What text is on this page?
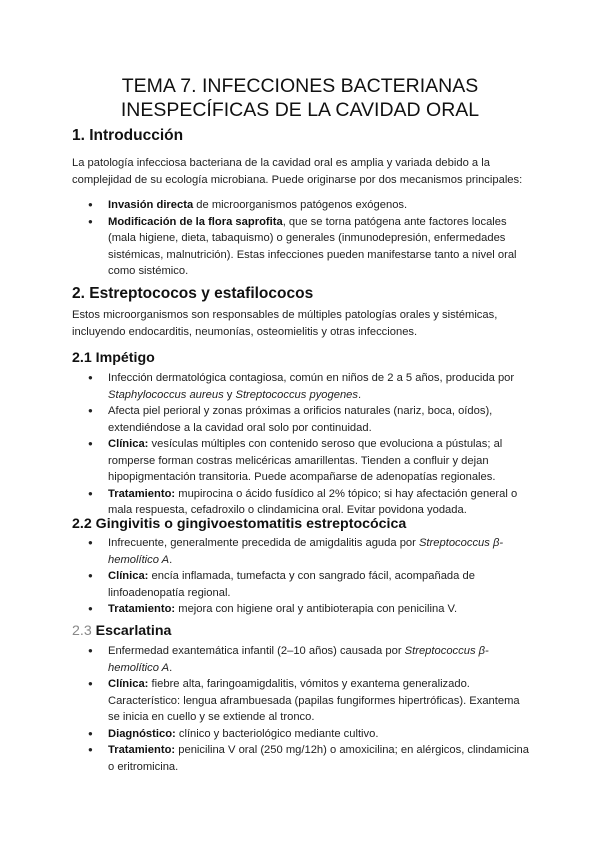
TEMA 7. INFECCIONES BACTERIANAS
INESPECÍFICAS DE LA CAVIDAD ORAL
1. Introducción

La patología infecciosa bacteriana de la cavidad oral es amplia y variada debido a la complejidad de su ecología microbiana. Puede originarse por dos mecanismos principales:

● Invasión directa de microorganismos patógenos exógenos.
● Modificación de la flora saprofita, que se torna patógena ante factores locales (mala higiene, dieta, tabaquismo) o generales (inmunodepresión, enfermedades sistémicas, malnutrición). Estas infecciones pueden manifestarse tanto a nivel oral como sistémico.
2. Estreptococos y estafilococos

Estos microorganismos son responsables de múltiples patologías orales y sistémicas, incluyendo endocarditis, neumonías, osteomielitis y otras infecciones.

2.1 Impétigo
● Infección dermatológica contagiosa, común en niños de 2 a 5 años, producida por Staphylococcus aureus y Streptococcus pyogenes.
● Afecta piel perioral y zonas próximas a orificios naturales (nariz, boca, oídos), extendiéndose a la cavidad oral solo por continuidad.
● Clínica: vesículas múltiples con contenido seroso que evoluciona a pústulas; al romperse forman costras melicéricas amarillentas. Tienden a confluir y dejan hipopigmentación transitoria. Puede acompañarse de adenopatías regionales.
● Tratamiento: mupirocina o ácido fusídico al 2% tópico; si hay afectación general o mala respuesta, cefadroxilo o clindamicina oral. Evitar povidona yodada.
2.2 Gingivitis o gingivoestomatitis estreptocócica
● Infrecuente, generalmente precedida de amigdalitis aguda por Streptococcus β-hemolítico A.
● Clínica: encía inflamada, tumefacta y con sangrado fácil, acompañada de linfoadenopatía regional.
● Tratamiento: mejora con higiene oral y antibioterapia con penicilina V.
2.3 Escarlatina
● Enfermedad exantemática infantil (2–10 años) causada por Streptococcus β-hemolítico A.
● Clínica: fiebre alta, faringoamigdalitis, vómitos y exantema generalizado. Característico: lengua aframbuesada (papilas fungiformes hipertróficas). Exantema se inicia en cuello y se extiende al tronco.
● Diagnóstico: clínico y bacteriológico mediante cultivo.
● Tratamiento: penicilina V oral (250 mg/12h) o amoxicilina; en alérgicos, clindamicina o eritromicina.
